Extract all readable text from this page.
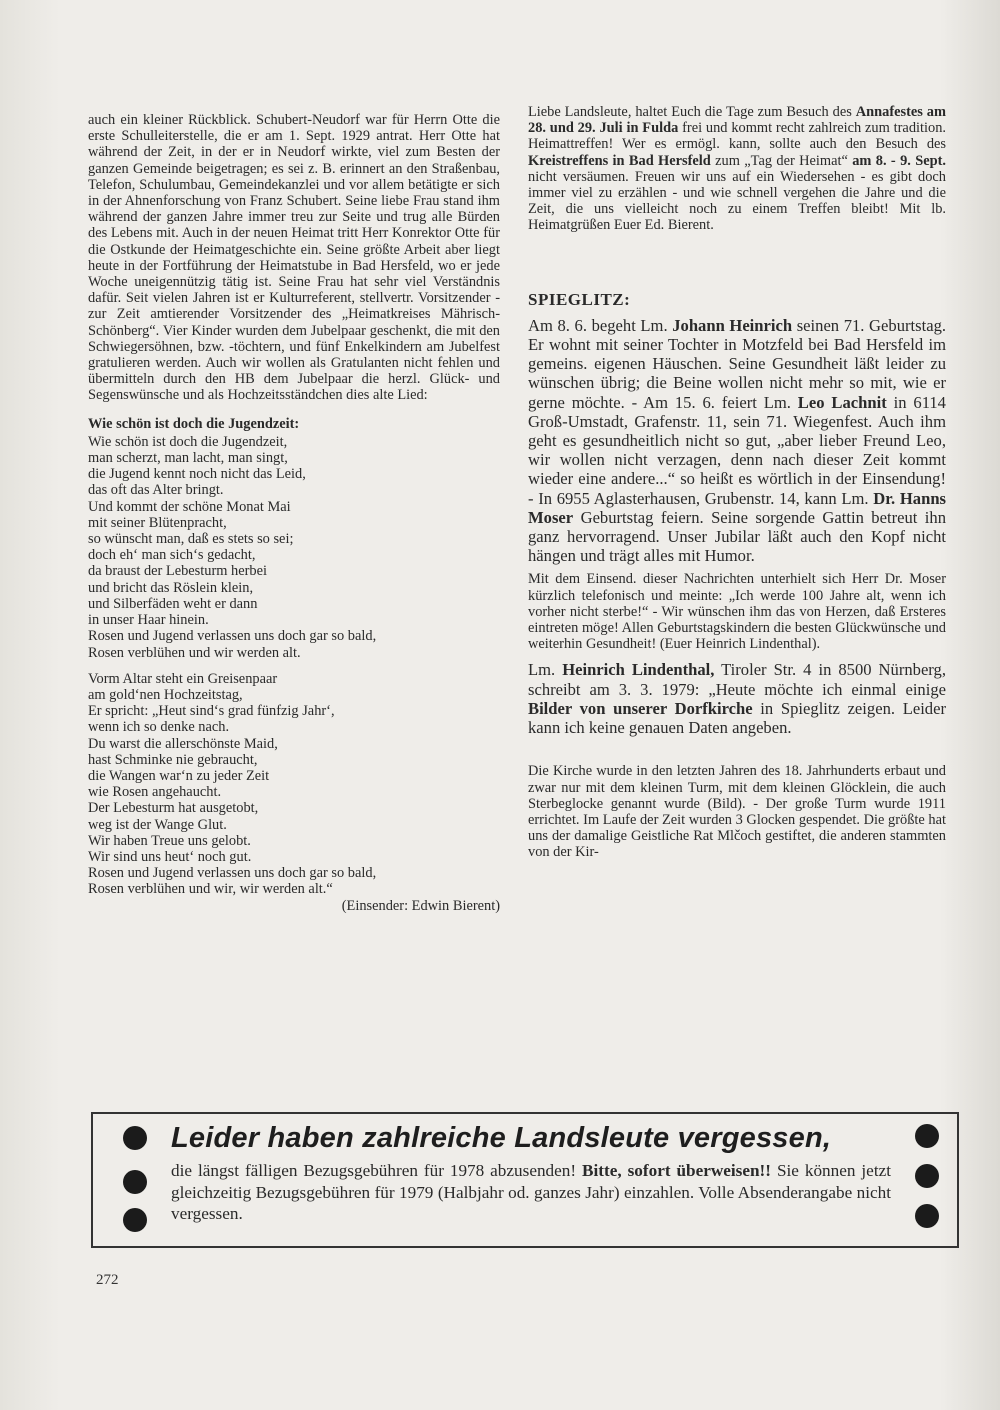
auch ein kleiner Rückblick. Schubert-Neudorf war für Herrn Otte die erste Schulleiterstelle, die er am 1. Sept. 1929 antrat. Herr Otte hat während der Zeit, in der er in Neudorf wirkte, viel zum Besten der ganzen Gemeinde beigetragen; es sei z. B. erinnert an den Straßenbau, Telefon, Schulumbau, Gemeindekanzlei und vor allem betätigte er sich in der Ahnenforschung von Franz Schubert. Seine liebe Frau stand ihm während der ganzen Jahre immer treu zur Seite und trug alle Bürden des Lebens mit. Auch in der neuen Heimat tritt Herr Konrektor Otte für die Ostkunde der Heimatgeschichte ein. Seine größte Arbeit aber liegt heute in der Fortführung der Heimatstube in Bad Hersfeld, wo er jede Woche uneigennützig tätig ist. Seine Frau hat sehr viel Verständnis dafür. Seit vielen Jahren ist er Kulturreferent, stellvertr. Vorsitzender - zur Zeit amtierender Vorsitzender des „Heimatkreises Mährisch-Schönberg“. Vier Kinder wurden dem Jubelpaar geschenkt, die mit den Schwiegersöhnen, bzw. -töchtern, und fünf Enkelkindern am Jubelfest gratulieren werden. Auch wir wollen als Gratulanten nicht fehlen und übermitteln durch den HB dem Jubelpaar die herzl. Glück- und Segenswünsche und als Hochzeitsständchen dies alte Lied:

Wie schön ist doch die Jugendzeit:
Wie schön ist doch die Jugendzeit,
man scherzt, man lacht, man singt,
die Jugend kennt noch nicht das Leid,
das oft das Alter bringt.
Und kommt der schöne Monat Mai
mit seiner Blütenpracht,
so wünscht man, daß es stets so sei;
doch eh‘ man sich‘s gedacht,
da braust der Lebesturm herbei
und bricht das Röslein klein,
und Silberfäden weht er dann
in unser Haar hinein.
Rosen und Jugend verlassen uns doch gar so bald,
Rosen verblühen und wir werden alt.
Vorm Altar steht ein Greisenpaar
am gold‘nen Hochzeitstag,
Er spricht: „Heut sind‘s grad fünfzig Jahr‘,
wenn ich so denke nach.
Du warst die allerschönste Maid,
hast Schminke nie gebraucht,
die Wangen war‘n zu jeder Zeit
wie Rosen angehaucht.
Der Lebesturm hat ausgetobt,
weg ist der Wange Glut.
Wir haben Treue uns gelobt.
Wir sind uns heut‘ noch gut.
Rosen und Jugend verlassen uns doch gar so bald,
Rosen verblühen und wir, wir werden alt.“
(Einsender: Edwin Bierent)

Liebe Landsleute, haltet Euch die Tage zum Besuch des Annafestes am 28. und 29. Juli in Fulda frei und kommt recht zahlreich zum tradition. Heimattreffen! Wer es ermögl. kann, sollte auch den Besuch des Kreistreffens in Bad Hersfeld zum „Tag der Heimat“ am 8. - 9. Sept. nicht versäumen. Freuen wir uns auf ein Wiedersehen - es gibt doch immer viel zu erzählen - und wie schnell vergehen die Jahre und die Zeit, die uns vielleicht noch zu einem Treffen bleibt! Mit lb. Heimatgrüßen Euer Ed. Bierent.

SPIEGLITZ:

Am 8. 6. begeht Lm. Johann Heinrich seinen 71. Geburtstag. Er wohnt mit seiner Tochter in Motzfeld bei Bad Hersfeld im gemeins. eigenen Häuschen. Seine Gesundheit läßt leider zu wünschen übrig; die Beine wollen nicht mehr so mit, wie er gerne möchte. - Am 15. 6. feiert Lm. Leo Lachnit in 6114 Groß-Umstadt, Grafenstr. 11, sein 71. Wiegenfest. Auch ihm geht es gesundheitlich nicht so gut, „aber lieber Freund Leo, wir wollen nicht verzagen, denn nach dieser Zeit kommt wieder eine andere...“ so heißt es wörtlich in der Einsendung! - In 6955 Aglasterhausen, Grubenstr. 14, kann Lm. Dr. Hanns Moser Geburtstag feiern. Seine sorgende Gattin betreut ihn ganz hervorragend. Unser Jubilar läßt auch den Kopf nicht hängen und trägt alles mit Humor.

Mit dem Einsend. dieser Nachrichten unterhielt sich Herr Dr. Moser kürzlich telefonisch und meinte: „Ich werde 100 Jahre alt, wenn ich vorher nicht sterbe!“ - Wir wünschen ihm das von Herzen, daß Ersteres eintreten möge! Allen Geburtstagskindern die besten Glückwünsche und weiterhin Gesundheit! (Euer Heinrich Lindenthal).

Lm. Heinrich Lindenthal, Tiroler Str. 4 in 8500 Nürnberg, schreibt am 3. 3. 1979: „Heute möchte ich einmal einige Bilder von unserer Dorfkirche in Spieglitz zeigen. Leider kann ich keine genauen Daten angeben.

Die Kirche wurde in den letzten Jahren des 18. Jahrhunderts erbaut und zwar nur mit dem kleinen Turm, mit dem kleinen Glöcklein, die auch Sterbeglocke genannt wurde (Bild). - Der große Turm wurde 1911 errichtet. Im Laufe der Zeit wurden 3 Glocken gespendet. Die größte hat uns der damalige Geistliche Rat Mlčoch gestiftet, die anderen stammten von der Kir-

Leider haben zahlreiche Landsleute vergessen,
die längst fälligen Bezugsgebühren für 1978 abzusenden! Bitte, sofort überweisen!! Sie können jetzt gleichzeitig Bezugsgebühren für 1979 (Halbjahr od. ganzes Jahr) einzahlen. Volle Absenderangabe nicht vergessen.
272
